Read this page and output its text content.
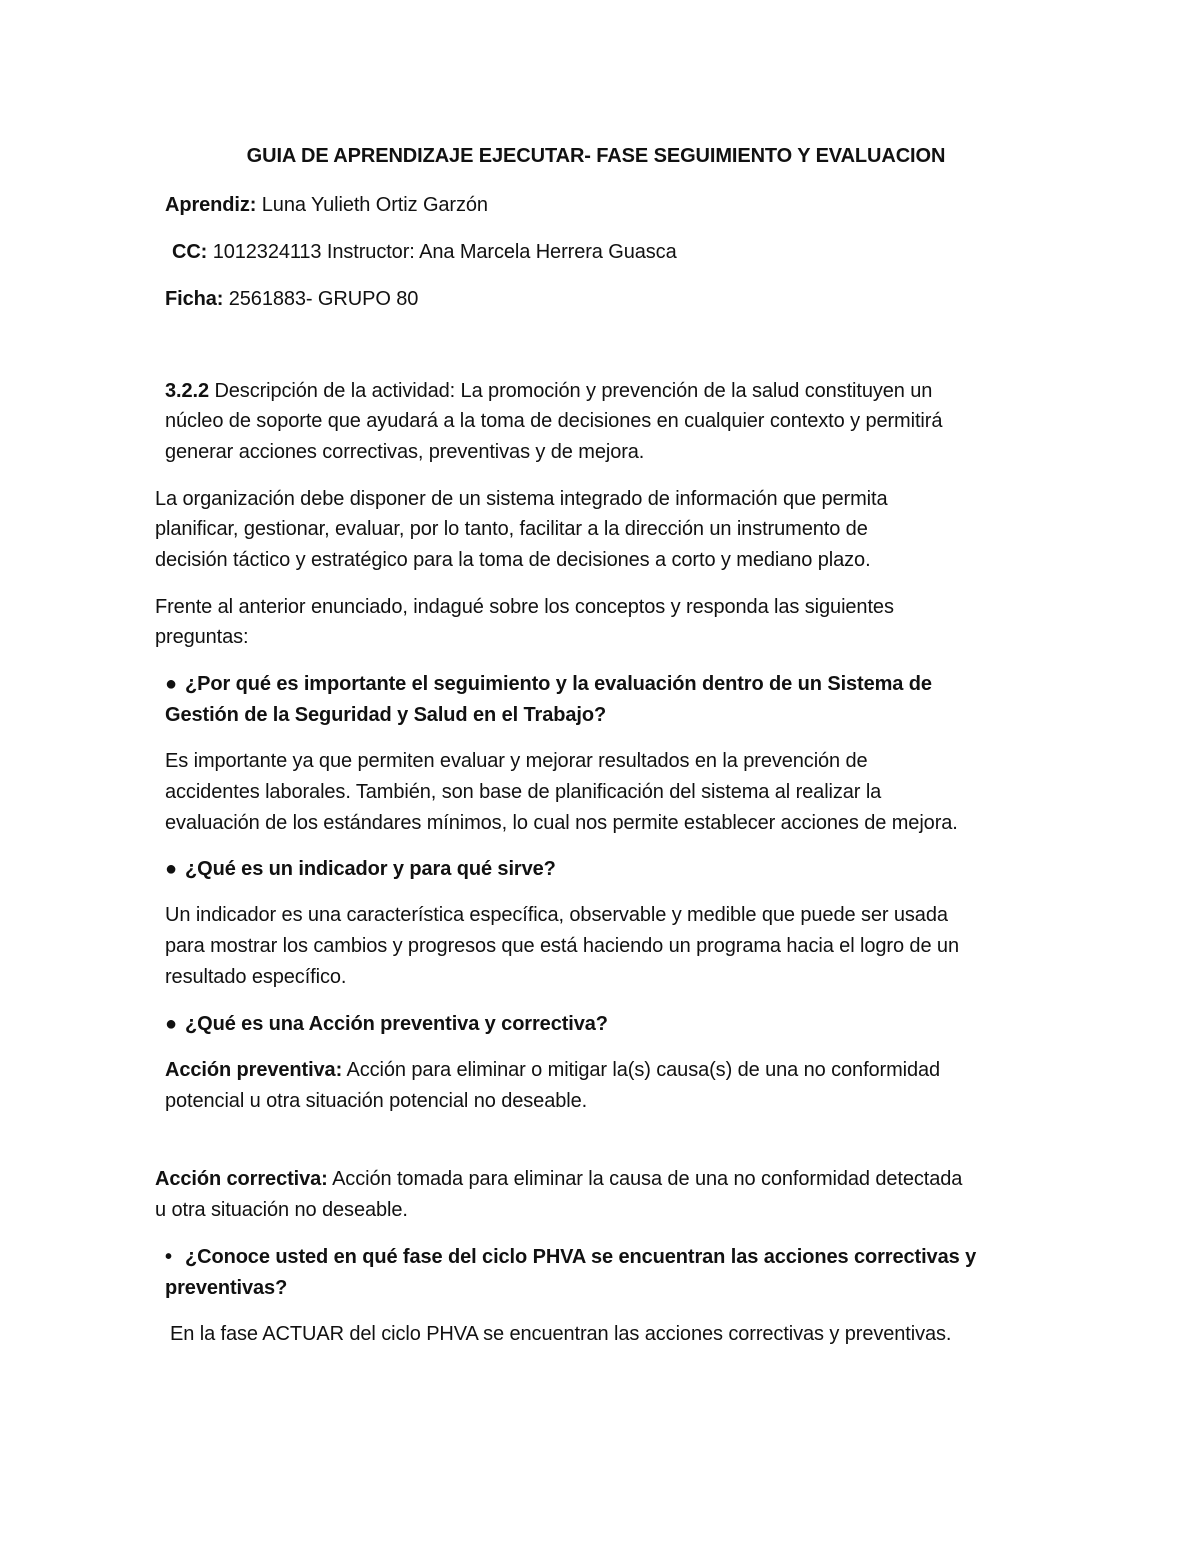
GUIA DE APRENDIZAJE EJECUTAR- FASE SEGUIMIENTO Y EVALUACION
Aprendiz: Luna Yulieth Ortiz Garzón
CC: 1012324113 Instructor: Ana Marcela Herrera Guasca
Ficha: 2561883- GRUPO 80
3.2.2 Descripción de la actividad: La promoción y prevención de la salud constituyen un
núcleo de soporte que ayudará a la toma de decisiones en cualquier contexto y permitirá
generar acciones correctivas, preventivas y de mejora.
La organización debe disponer de un sistema integrado de información que permita
planificar, gestionar, evaluar, por lo tanto, facilitar a la dirección un instrumento de
decisión táctico y estratégico para la toma de decisiones a corto y mediano plazo.
Frente al anterior enunciado, indagué sobre los conceptos y responda las siguientes
preguntas:
● ¿Por qué es importante el seguimiento y la evaluación dentro de un Sistema de
Gestión de la Seguridad y Salud en el Trabajo?
Es importante ya que permiten evaluar y mejorar resultados en la prevención de
accidentes laborales. También, son base de planificación del sistema al realizar la
evaluación de los estándares mínimos, lo cual nos permite establecer acciones de mejora.
● ¿Qué es un indicador y para qué sirve?
Un indicador es una característica específica, observable y medible que puede ser usada
para mostrar los cambios y progresos que está haciendo un programa hacia el logro de un
resultado específico.
● ¿Qué es una Acción preventiva y correctiva?
Acción preventiva: Acción para eliminar o mitigar la(s) causa(s) de una no conformidad
potencial u otra situación potencial no deseable.
Acción correctiva: Acción tomada para eliminar la causa de una no conformidad detectada
u otra situación no deseable.
• ¿Conoce usted en qué fase del ciclo PHVA se encuentran las acciones correctivas y
preventivas?
En la fase ACTUAR del ciclo PHVA se encuentran las acciones correctivas y preventivas.
